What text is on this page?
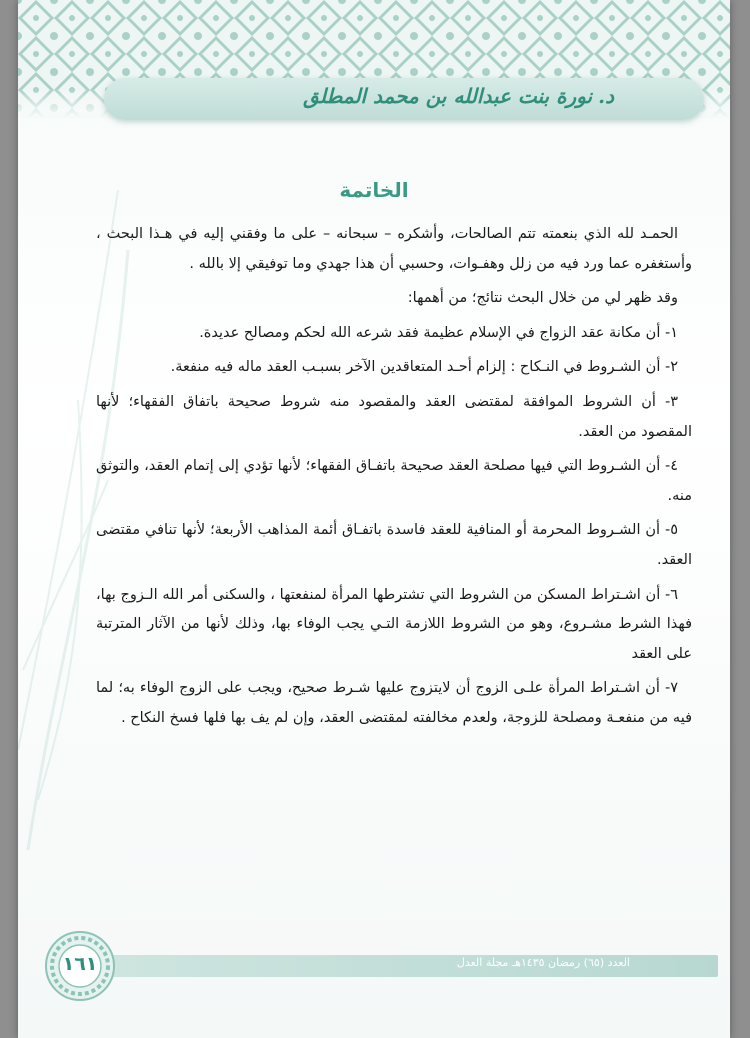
د.نورة بنت عبدالله بن محمد المطلق
الخاتمة

الحمـد لله الذي بنعمته تتم الصالحات، وأشكره – سبحانه – على ما وفقني إليه في هـذا البحث ، وأستغفره عما ورد فيه من زلل وهفـوات، وحسبي أن هذا جهدي وما توفيقي إلا بالله .

وقد ظهر لي من خلال البحث نتائج؛ من أهمها:

١- أن مكانة عقد الزواج في الإسلام عظيمة فقد شرعه الله لحكم ومصالح عديدة.

٢- أن الشـروط في النـكاح : إلزام أحـد المتعاقدين الآخر بسبـب العقد ماله فيه منفعة.

٣- أن الشروط الموافقة لمقتضى العقد والمقصود منه شروط صحيحة باتفاق الفقهاء؛ لأنها المقصود من العقد.

٤- أن الشـروط التي فيها مصلحة العقد صحيحة باتفـاق الفقهاء؛ لأنها تؤدي إلى إتمام العقد، والتوثق منه.

٥- أن الشـروط المحرمة أو المنافية للعقد فاسدة باتفـاق أئمة المذاهب الأربعة؛ لأنها تنافي مقتضى العقد.

٦- أن اشـتراط المسكن من الشروط التي تشترطها المرأة لمنفعتها ، والسكنى أمر الله الـزوج بها، فهذا الشرط مشـروع، وهو من الشروط اللازمة التـي يجب الوفاء بها، وذلك لأنها من الآثار المترتبة على العقد

٧- أن اشـتراط المرأة علـى الزوج أن لايتزوج عليها شـرط صحيح، ويجب على الزوج الوفاء به؛ لما فيه من منفعـة ومصلحة للزوجة، ولعدم مخالفته لمقتضى العقد، وإن لم يف بها فلها فسخ النكاح .

العدد (٦٥) رمضان ١٤٣٥هـ مجلة العدل
١٦١
